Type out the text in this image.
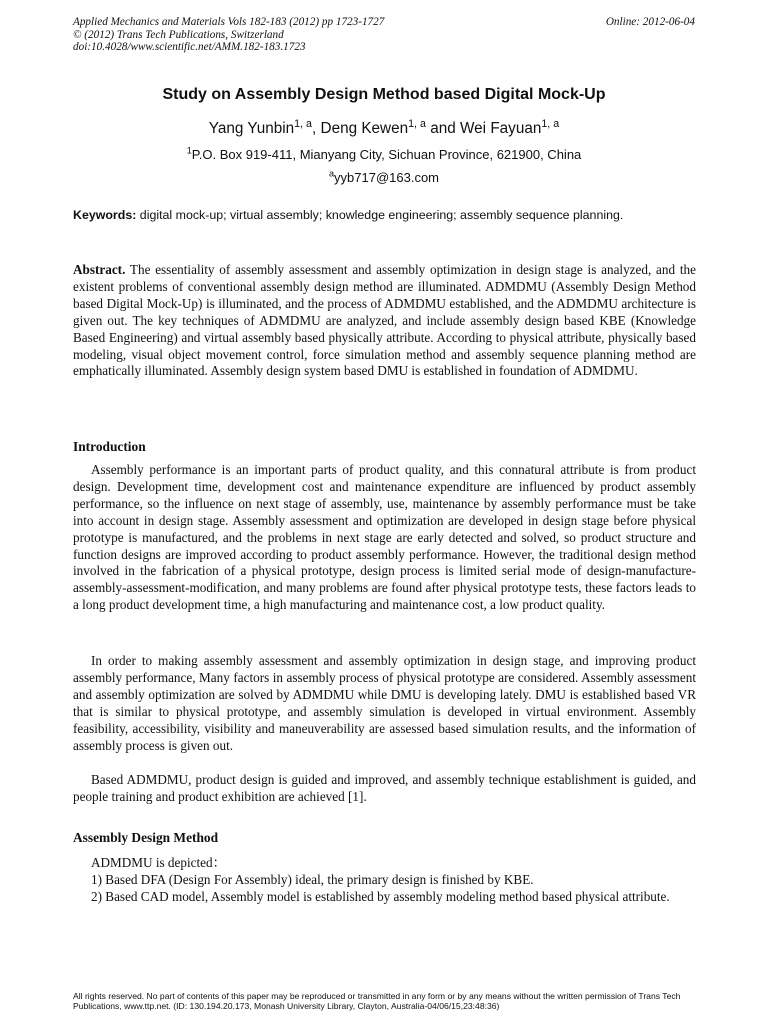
Applied Mechanics and Materials Vols 182-183 (2012) pp 1723-1727
© (2012) Trans Tech Publications, Switzerland
doi:10.4028/www.scientific.net/AMM.182-183.1723
Online: 2012-06-04
Study on Assembly Design Method based Digital Mock-Up
Yang Yunbin$^{1, a}$, Deng Kewen$^{1, a}$ and Wei Fayuan$^{1, a}$
$^1$P.O. Box 919-411, Mianyang City, Sichuan Province, 621900, China
$^a$yyb717@163.com
Keywords: digital mock-up; virtual assembly; knowledge engineering; assembly sequence planning.

Abstract. The essentiality of assembly assessment and assembly optimization in design stage is analyzed, and the existent problems of conventional assembly design method are illuminated. ADMDMU (Assembly Design Method based Digital Mock-Up) is illuminated, and the process of ADMDMU established, and the ADMDMU architecture is given out. The key techniques of ADMDMU are analyzed, and include assembly design based KBE (Knowledge Based Engineering) and virtual assembly based physically attribute. According to physical attribute, physically based modeling, visual object movement control, force simulation method and assembly sequence planning method are emphatically illuminated. Assembly design system based DMU is established in foundation of ADMDMU.

Introduction

Assembly performance is an important parts of product quality, and this connatural attribute is from product design. Development time, development cost and maintenance expenditure are influenced by product assembly performance, so the influence on next stage of assembly, use, maintenance by assembly performance must be take into account in design stage. Assembly assessment and optimization are developed in design stage before physical prototype is manufactured, and the problems in next stage are early detected and solved, so product structure and function designs are improved according to product assembly performance. However, the traditional design method involved in the fabrication of a physical prototype, design process is limited serial mode of design-manufacture-assembly-assessment-modification, and many problems are found after physical prototype tests, these factors leads to a long product development time, a high manufacturing and maintenance cost, a low product quality.

In order to making assembly assessment and assembly optimization in design stage, and improving product assembly performance, Many factors in assembly process of physical prototype are considered. Assembly assessment and assembly optimization are solved by ADMDMU while DMU is developing lately. DMU is established based VR that is similar to physical prototype, and assembly simulation is developed in virtual environment. Assembly feasibility, accessibility, visibility and maneuverability are assessed based simulation results, and the information of assembly process is given out.

Based ADMDMU, product design is guided and improved, and assembly technique establishment is guided, and people training and product exhibition are achieved [1].

Assembly Design Method

ADMDMU is depicted：

1) Based DFA (Design For Assembly) ideal, the primary design is finished by KBE.

2) Based CAD model, Assembly model is established by assembly modeling method based physical attribute.

All rights reserved. No part of contents of this paper may be reproduced or transmitted in any form or by any means without the written permission of Trans Tech Publications, www.ttp.net. (ID: 130.194.20.173, Monash University Library, Clayton, Australia-04/06/15,23:48:36)
